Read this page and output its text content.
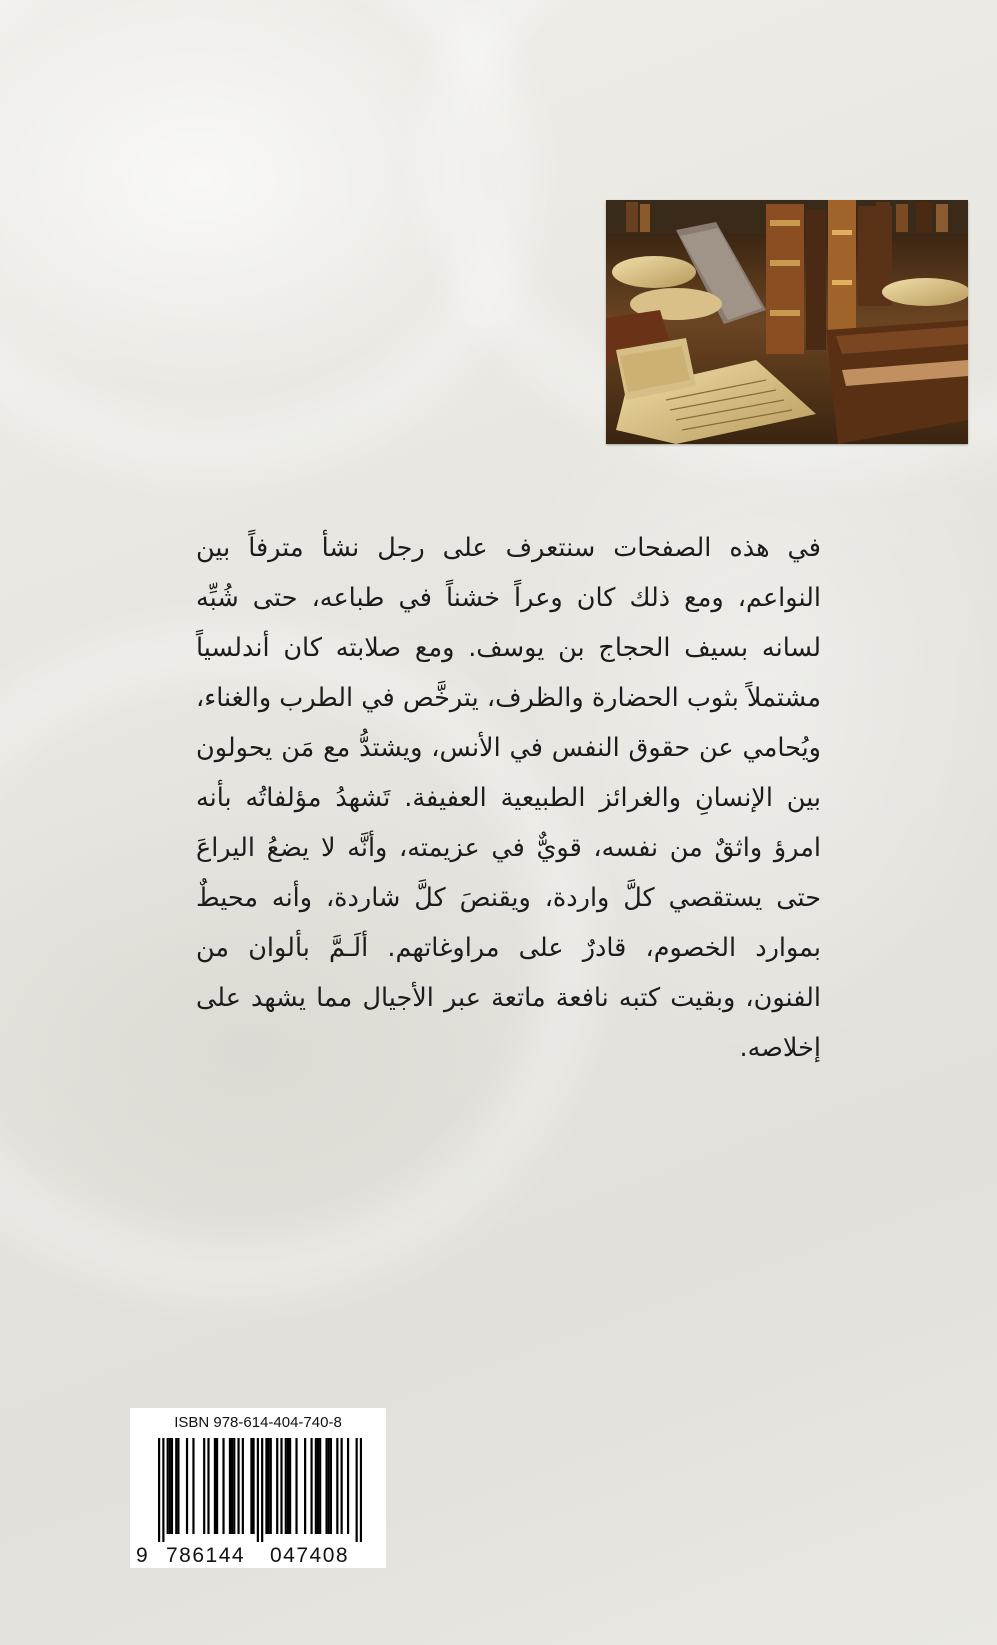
في هذه الصفحات سنتعرف على رجل نشأ مترفاً بين النواعم، ومع ذلك كان وعراً خشناً في طباعه، حتى شُبِّه لسانه بسيف الحجاج بن يوسف. ومع صلابته كان أندلسياً مشتملاً بثوب الحضارة والظرف، يترخَّص في الطرب والغناء، ويُحامي عن حقوق النفس في الأنس، ويشتدُّ مع مَن يحولون بين الإنسانِ والغرائز الطبيعية العفيفة. تَشهدُ مؤلفاتُه بأنه امرؤ واثقٌ من نفسه، قويٌّ في عزيمته، وأنَّه لا يضعُ اليراعَ حتى يستقصي كلَّ واردة، ويقنصَ كلَّ شاردة، وأنه محيطٌ بموارد الخصوم، قادرٌ على مراوغاتهم. ألَـمَّ بألوان من الفنون، وبقيت كتبه نافعة ماتعة عبر الأجيال مما يشهد على إخلاصه.
ISBN 978-614-404-740-8
9 786144 047408
